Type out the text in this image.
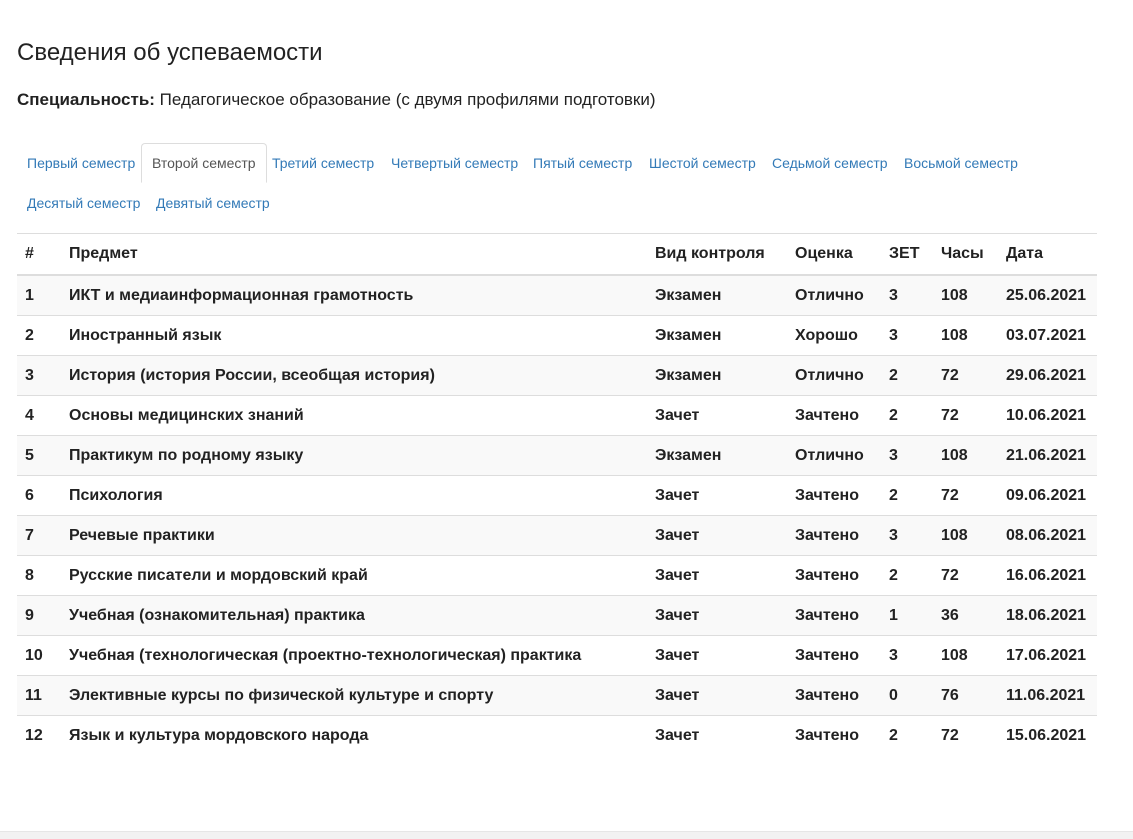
Сведения об успеваемости
Специальность: Педагогическое образование (с двумя профилями подготовки)
Первый семестр	Второй семестр	Третий семестр	Четвертый семестр	Пятый семестр	Шестой семестр	Седьмой семестр	Восьмой семестр
Десятый семестр	Девятый семестр
#	Предмет	Вид контроля	Оценка	ЗЕТ	Часы	Дата
1	ИКТ и медиаинформационная грамотность	Экзамен	Отлично	3	108	25.06.2021
2	Иностранный язык	Экзамен	Хорошо	3	108	03.07.2021
3	История (история России, всеобщая история)	Экзамен	Отлично	2	72	29.06.2021
4	Основы медицинских знаний	Зачет	Зачтено	2	72	10.06.2021
5	Практикум по родному языку	Экзамен	Отлично	3	108	21.06.2021
6	Психология	Зачет	Зачтено	2	72	09.06.2021
7	Речевые практики	Зачет	Зачтено	3	108	08.06.2021
8	Русские писатели и мордовский край	Зачет	Зачтено	2	72	16.06.2021
9	Учебная (ознакомительная) практика	Зачет	Зачтено	1	36	18.06.2021
10	Учебная (технологическая (проектно-технологическая) практика	Зачет	Зачтено	3	108	17.06.2021
11	Элективные курсы по физической культуре и спорту	Зачет	Зачтено	0	76	11.06.2021
12	Язык и культура мордовского народа	Зачет	Зачтено	2	72	15.06.2021
